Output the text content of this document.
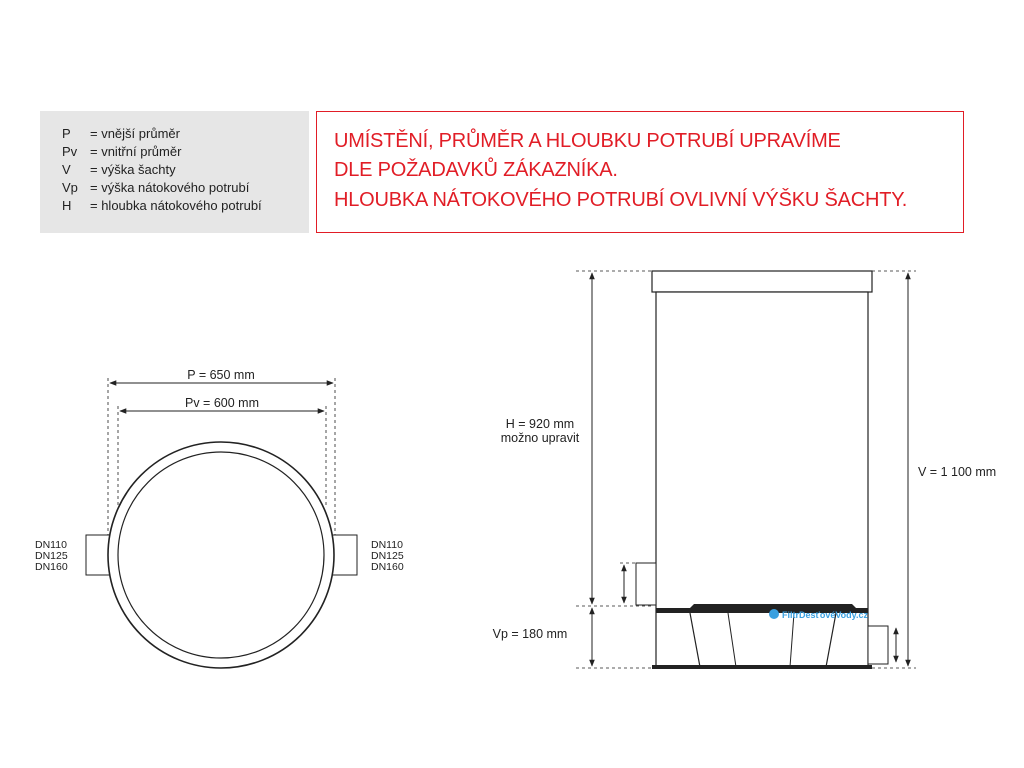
P = vnější průměr
Pv = vnitřní průměr
V = výška šachty
Vp = výška nátokového potrubí
H = hloubka nátokového potrubí
UMÍSTĚNÍ, PRŮMĚR A HLOUBKU POTRUBÍ UPRAVÍME
DLE POŽADAVKŮ ZÁKAZNÍKA.
HLOUBKA NÁTOKOVÉHO POTRUBÍ OVLIVNÍ VÝŠKU ŠACHTY.
P = 650 mm
Pv = 600 mm
DN110
DN125
DN160
DN110
DN125
DN160
FiltrDesťovéVody.cz
H = 920 mm
možno upravit
Vp = 180 mm
V = 1 100 mm
